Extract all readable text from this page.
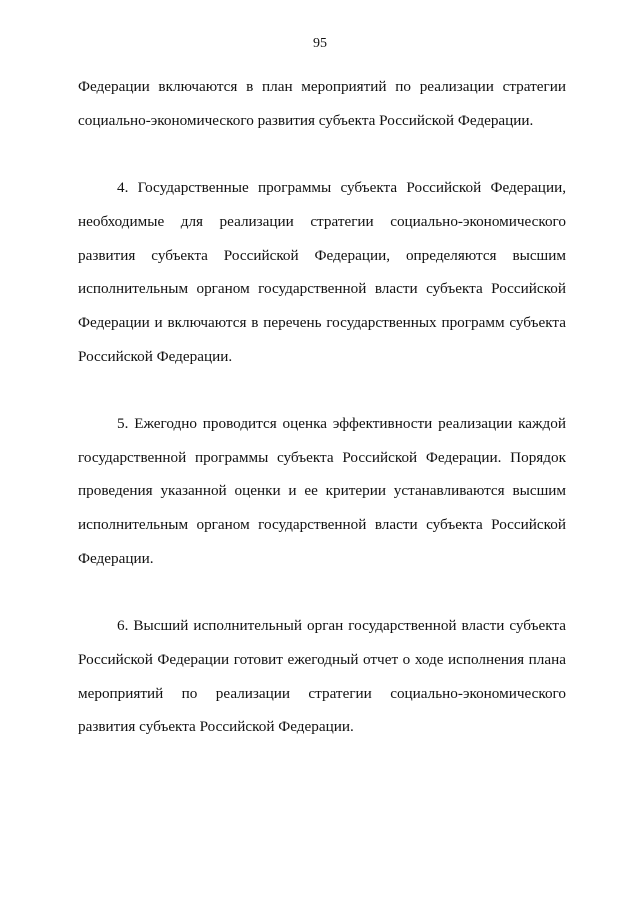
95

Федерации включаются в план мероприятий по реализации стратегии социально-экономического развития субъекта Российской Федерации.

4. Государственные программы субъекта Российской Федерации, необходимые для реализации стратегии социально-экономического развития субъекта Российской Федерации, определяются высшим исполнительным органом государственной власти субъекта Российской Федерации и включаются в перечень государственных программ субъекта Российской Федерации.

5. Ежегодно проводится оценка эффективности реализации каждой государственной программы субъекта Российской Федерации. Порядок проведения указанной оценки и ее критерии устанавливаются высшим исполнительным органом государственной власти субъекта Российской Федерации.

6. Высший исполнительный орган государственной власти субъекта Российской Федерации готовит ежегодный отчет о ходе исполнения плана мероприятий по реализации стратегии социально-экономического развития субъекта Российской Федерации.
